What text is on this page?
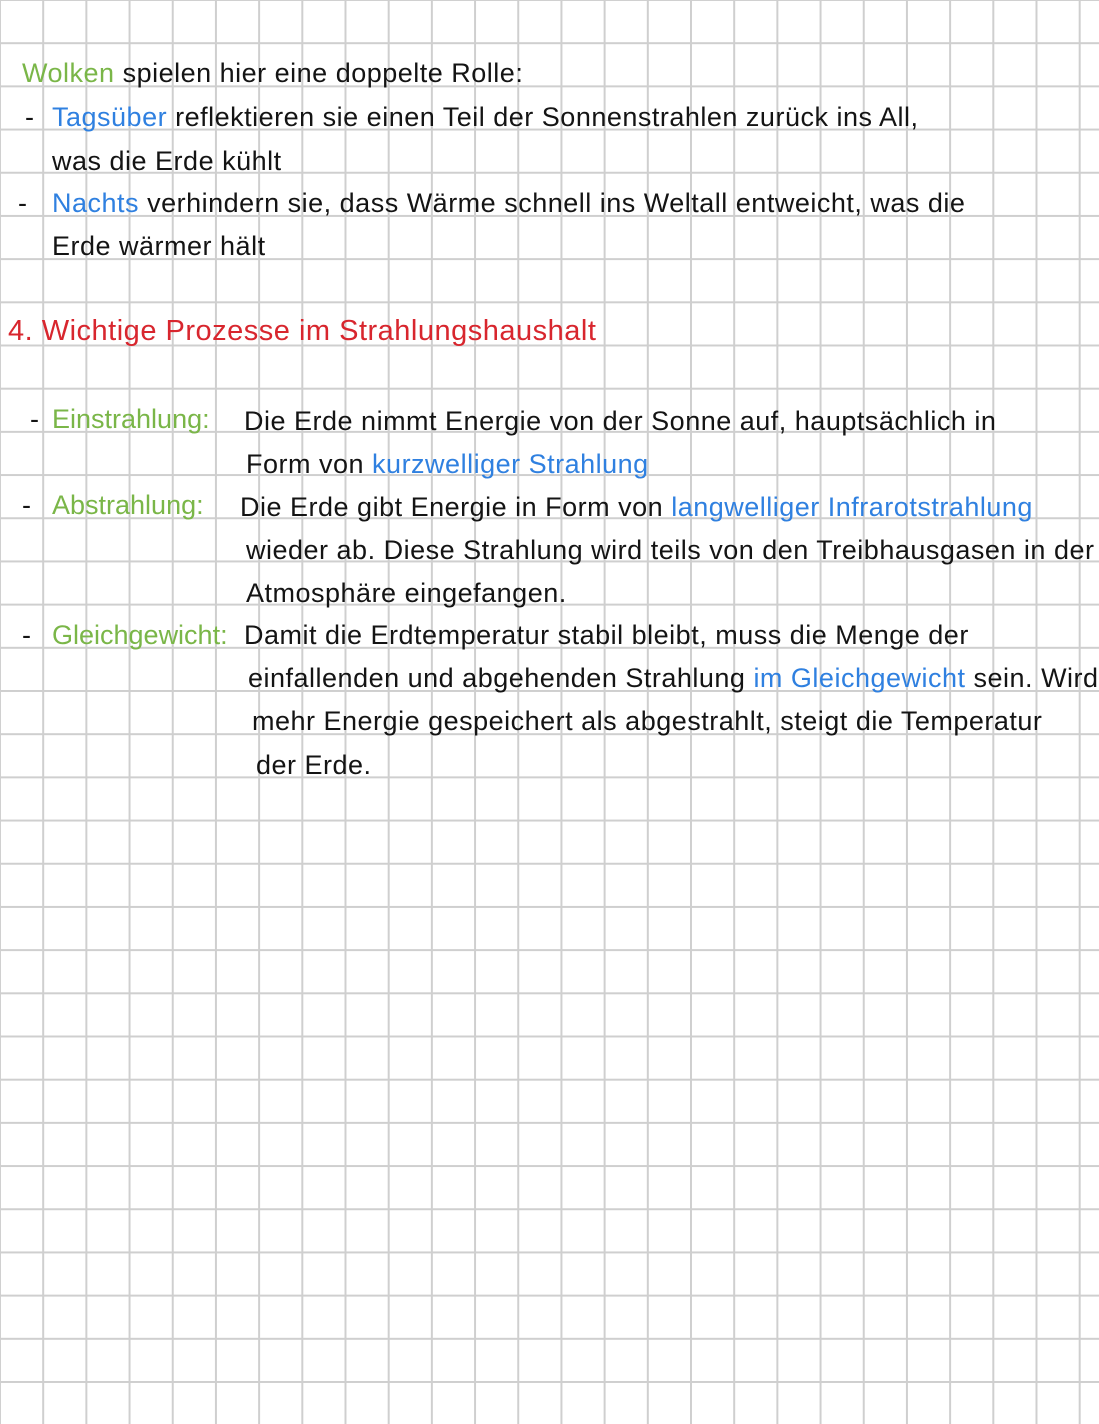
Wolken spielen hier eine doppelte Rolle:
- Tagsüber reflektieren sie einen Teil der Sonnenstrahlen zurück ins All,
was die Erde kühlt
- Nachts verhindern sie, dass Wärme schnell ins Weltall entweicht, was die
Erde wärmer hält
4. Wichtige Prozesse im Strahlungshaushalt
- Einstrahlung: Die Erde nimmt Energie von der Sonne auf, hauptsächlich in
Form von kurzwelliger Strahlung
- Abstrahlung: Die Erde gibt Energie in Form von langwelliger Infrarotstrahlung
wieder ab. Diese Strahlung wird teils von den Treibhausgasen in der
Atmosphäre eingefangen.
- Gleichgewicht: Damit die Erdtemperatur stabil bleibt, muss die Menge der
einfallenden und abgehenden Strahlung im Gleichgewicht sein. Wird
mehr Energie gespeichert als abgestrahlt, steigt die Temperatur
der Erde.
